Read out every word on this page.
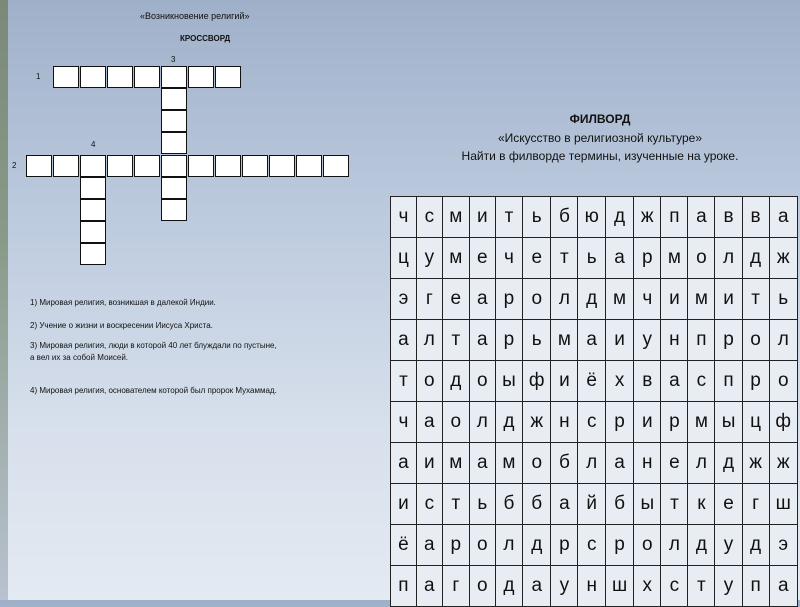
«Возникновение религий»
КРОССВОРД
1
2
3
4
1) Мировая религия, возникшая в далекой Индии.
2) Учение о жизни и воскресении Иисуса Христа.
3) Мировая религия, люди в которой 40 лет блуждали по пустыне,
а вел их за собой Моисей.
4) Мировая религия, основателем которой был пророк Мухаммад.
ФИЛВОРД
«Искусство в религиозной культуре»
Найти в филворде термины, изученные на уроке.
ч	с	м	и	т	ь	б	ю	д	ж	п	а	в	в	а
ц	у	м	е	ч	е	т	ь	а	р	м	о	л	д	ж
э	г	е	а	р	о	л	д	м	ч	и	м	и	т	ь
а	л	т	а	р	ь	м	а	и	у	н	п	р	о	л
т	о	д	о	ы	ф	и	ё	х	в	а	с	п	р	о
ч	а	о	л	д	ж	н	с	р	и	р	м	ы	ц	ф
а	и	м	а	м	о	б	л	а	н	е	л	д	ж	ж
и	с	т	ь	б	б	а	й	б	ы	т	к	е	г	ш
ё	а	р	о	л	д	р	с	р	о	л	д	у	д	э
п	а	г	о	д	а	у	н	ш	х	с	т	у	п	а
